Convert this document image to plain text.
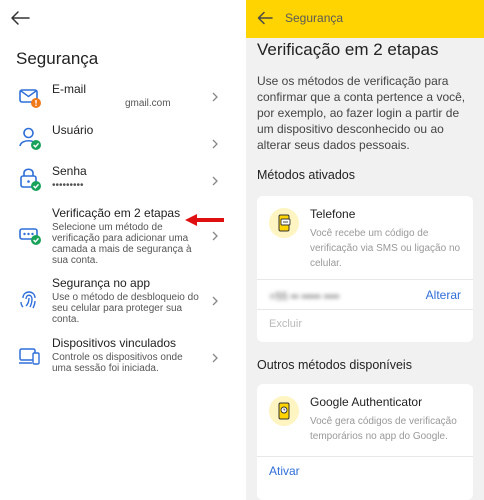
Segurança
E-mail
gmail.com
Usuário
Senha
•••••••••
Verificação em 2 etapas
Selecione um método de verificação para adicionar uma camada a mais de segurança à sua conta.
Segurança no app
Use o método de desbloqueio do seu celular para proteger sua conta.
Dispositivos vinculados
Controle os dispositivos onde uma sessão foi iniciada.
Segurança
Verificação em 2 etapas
Use os métodos de verificação para confirmar que a conta pertence a você, por exemplo, ao fazer login a partir de um dispositivo desconhecido ou ao alterar seus dados pessoais.
Métodos ativados
Telefone
Você recebe um código de verificação via SMS ou ligação no celular.
+55 •• ••••• ••••	Alterar
Excluir
Outros métodos disponíveis
Google Authenticator
Você gera códigos de verificação temporários no app do Google.
Ativar
